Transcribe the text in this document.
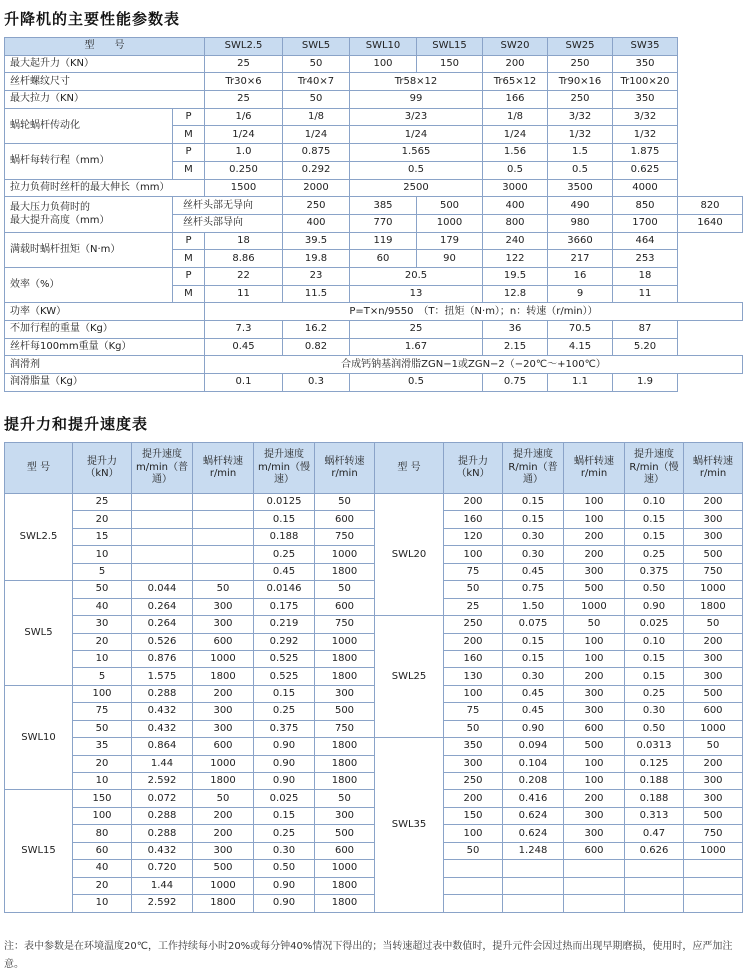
升降机的主要性能参数表
型　　号		SWL2.5	SWL5	SWL10	SWL15	SW20	SW25	SW35	
最大起升力（KN）		25	50	100	150	200	250	350	
丝杆螺纹尺寸		Tr30×6	Tr40×7	Tr58×12		Tr65×12	Tr90×16	Tr100×20	
最大拉力（KN）		25	50	99		166	250	350	
蜗轮蜗杆传动化	P	1/6	1/8	3/23		1/8	3/32	3/32	
	M	1/24	1/24	1/24		1/24	1/32	1/32	
蜗杆每转行程（mm）	P	1.0	0.875	1.565		1.56	1.5	1.875	
	M	0.250	0.292	0.5		0.5	0.5	0.625	
拉力负荷时丝杆的最大伸长（mm）		1500	2000	2500		3000	3500	4000	
最大压力负荷时的
最大提升高度（mm）	丝杆头部无导向		250	385	500	400	490	850	820
	丝杆头部导向		400	770	1000	800	980	1700	1640
满载时蜗杆扭矩（N·m）	P	18	39.5	119	179	240	3660	464	
	M	8.86	19.8	60	90	122	217	253	
效率（%）	P	22	23	20.5		19.5	16	18	
	M	11	11.5	13		12.8	9	11	
功率（KW）		P=T×n/9550　（T：扭矩（N·m）；n：转速（r/min））							
不加行程的重量（Kg）		7.3	16.2	25		36	70.5	87	
丝杆每100mm重量（Kg）		0.45	0.82	1.67		2.15	4.15	5.20	
润滑剂		合成钙钠基润滑脂ZGN−1或ZGN−2（−20℃～+100℃）							
润滑脂量（Kg）		0.1	0.3	0.5		0.75	1.1	1.9	
提升力和提升速度表
型 号	提升力（kN）	提升速度m/min（普通）	蜗杆转速r/min	提升速度m/min（慢速）	蜗杆转速r/min	型 号	提升力（kN）	提升速度R/min（普通）	蜗杆转速r/min	提升速度R/min（慢速）	蜗杆转速r/min
SWL2.5	25			0.0125	50	SWL20	200	0.15	100	0.10	200
	20			0.15	600		160	0.15	100	0.15	300
	15			0.188	750		120	0.30	200	0.15	300
	10			0.25	1000		100	0.30	200	0.25	500
	5			0.45	1800		75	0.45	300	0.375	750
SWL5	50	0.044	50	0.0146	50		50	0.75	500	0.50	1000
	40	0.264	300	0.175	600		25	1.50	1000	0.90	1800
	30	0.264	300	0.219	750	SWL25	250	0.075	50	0.025	50
	20	0.526	600	0.292	1000		200	0.15	100	0.10	200
	10	0.876	1000	0.525	1800		160	0.15	100	0.15	300
	5	1.575	1800	0.525	1800		130	0.30	200	0.15	300
SWL10	100	0.288	200	0.15	300		100	0.45	300	0.25	500
	75	0.432	300	0.25	500		75	0.45	300	0.30	600
	50	0.432	300	0.375	750		50	0.90	600	0.50	1000
	35	0.864	600	0.90	1800	SWL35	350	0.094	500	0.0313	50
	20	1.44	1000	0.90	1800		300	0.104	100	0.125	200
	10	2.592	1800	0.90	1800		250	0.208	100	0.188	300
SWL15	150	0.072	50	0.025	50		200	0.416	200	0.188	300
	100	0.288	200	0.15	300		150	0.624	300	0.313	500
	80	0.288	200	0.25	500		100	0.624	300	0.47	750
	60	0.432	300	0.30	600		50	1.248	600	0.626	1000
	40	0.720	500	0.50	1000						
	20	1.44	1000	0.90	1800						
	10	2.592	1800	0.90	1800						
注：表中参数是在环境温度20℃，工作持续每小时20%或每分钟40%情况下得出的；当转速超过表中数值时，提升元件会因过热而出现早期磨损，使用时，应严加注意。
